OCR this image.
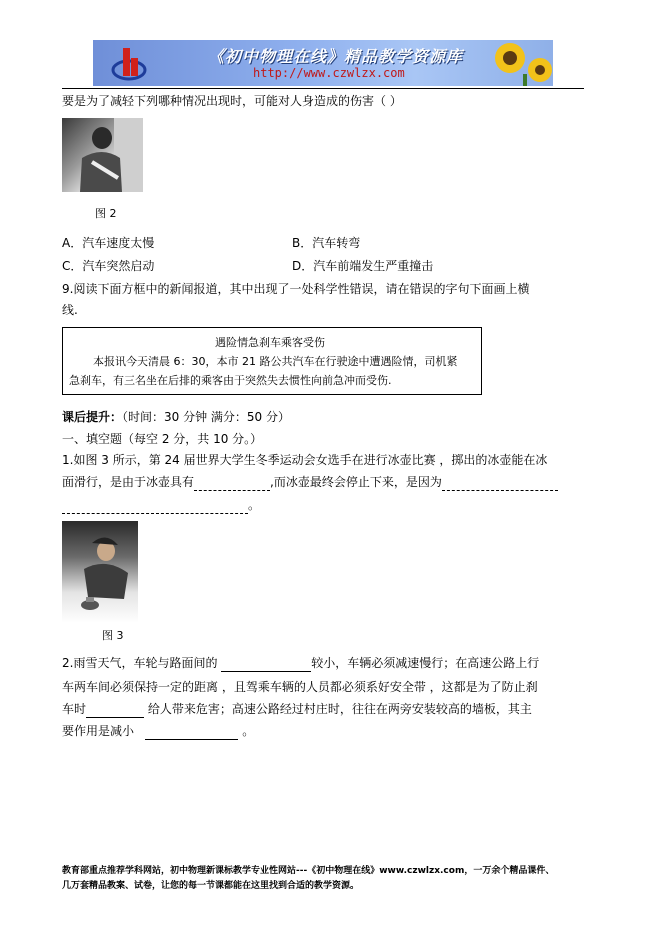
《初中物理在线》精品教学资源库
http://www.czwlzx.com
要是为了减轻下列哪种情况出现时，可能对人身造成的伤害（ ）
图 2
A．汽车速度太慢	B．汽车转弯
C．汽车突然启动	D．汽车前端发生严重撞击
9.阅读下面方框中的新闻报道，其中出现了一处科学性错误，请在错误的字句下面画上横
线.
遇险情急刹车乘客受伤
本报讯今天清晨 6：30，本市 21 路公共汽车在行驶途中遭遇险情，司机紧
急刹车，有三名坐在后排的乘客由于突然失去惯性向前急冲而受伤.
课后提升：（时间：30 分钟 满分：50 分）
一、填空题（每空 2 分，共 10 分。）
1.如图 3 所示，第 24 届世界大学生冬季运动会女选手在进行冰壶比赛 ，掷出的冰壶能在冰
面滑行，是由于冰壶具有	,而冰壶最终会停止下来，是因为
。
图 3
2.雨雪天气，车轮与路面间的	较小，车辆必须减速慢行；在高速公路上行
车两车间必须保持一定的距离 ，且驾乘车辆的人员都必须系好安全带 ，这都是为了防止刹
车时	给人带来危害；高速公路经过村庄时，往往在两旁安装较高的墙板，其主
要作用是减小	。
教育部重点推荐学科网站，初中物理新课标教学专业性网站---《初中物理在线》www.czwlzx.com，一万余个精品课件、
几万套精品教案、试卷，让您的每一节课都能在这里找到合适的教学资源。
